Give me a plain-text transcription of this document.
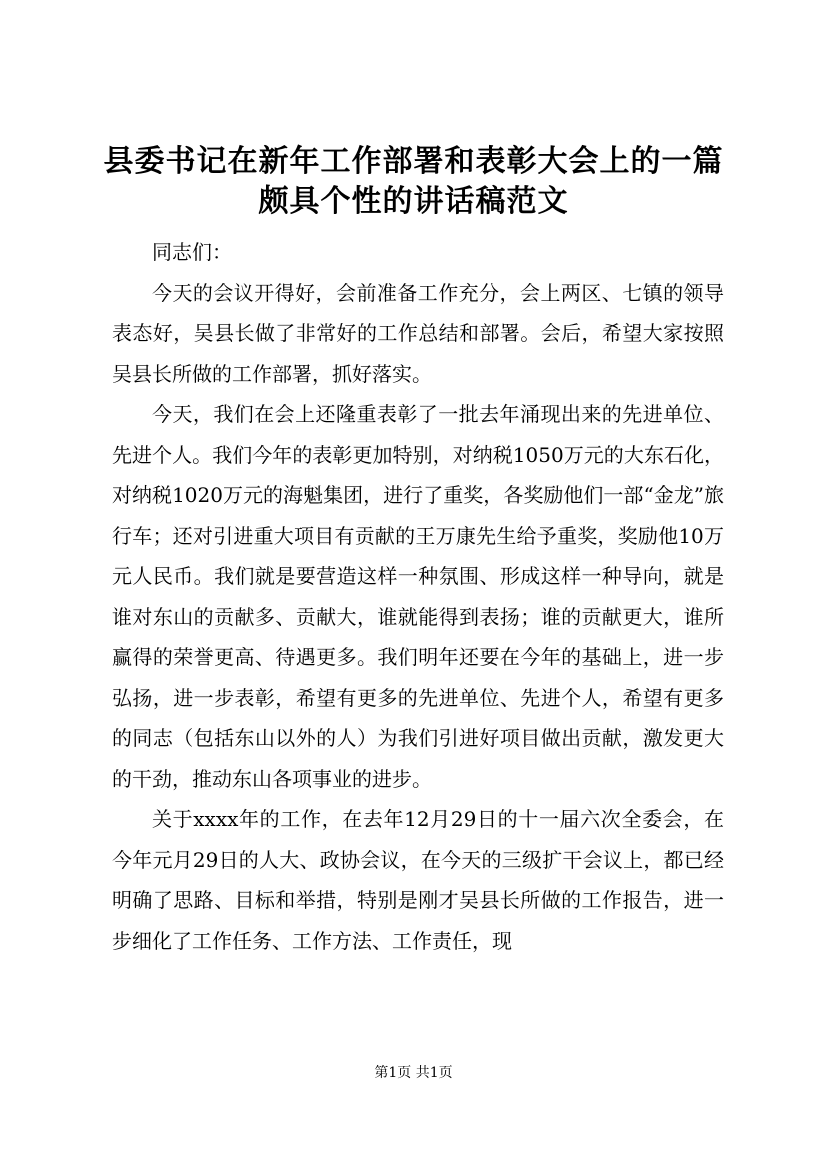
县委书记在新年工作部署和表彰大会上的一篇颇具个性的讲话稿范文

同志们：

今天的会议开得好，会前准备工作充分，会上两区、七镇的领导表态好，吴县长做了非常好的工作总结和部署。会后，希望大家按照吴县长所做的工作部署，抓好落实。

今天，我们在会上还隆重表彰了一批去年涌现出来的先进单位、先进个人。我们今年的表彰更加特别，对纳税1050万元的大东石化，对纳税1020万元的海魁集团，进行了重奖，各奖励他们一部“金龙”旅行车；还对引进重大项目有贡献的王万康先生给予重奖，奖励他10万元人民币。我们就是要营造这样一种氛围、形成这样一种导向，就是谁对东山的贡献多、贡献大，谁就能得到表扬；谁的贡献更大，谁所赢得的荣誉更高、待遇更多。我们明年还要在今年的基础上，进一步弘扬，进一步表彰，希望有更多的先进单位、先进个人，希望有更多的同志（包括东山以外的人）为我们引进好项目做出贡献，激发更大的干劲，推动东山各项事业的进步。

关于xxxx年的工作，在去年12月29日的十一届六次全委会，在今年元月29日的人大、政协会议，在今天的三级扩干会议上，都已经明确了思路、目标和举措，特别是刚才吴县长所做的工作报告，进一步细化了工作任务、工作方法、工作责任，现

第1页 共1页
